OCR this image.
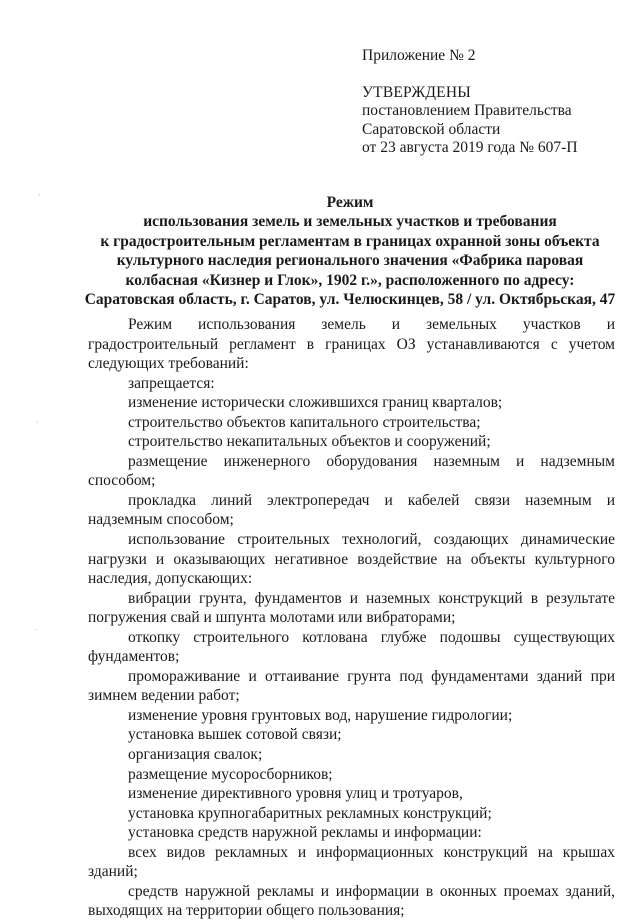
Приложение № 2
УТВЕРЖДЕНЫ
постановлением Правительства
Саратовской области
от 23 августа 2019 года № 607-П
Режим
использования земель и земельных участков и требования
к градостроительным регламентам в границах охранной зоны объекта
культурного наследия регионального значения «Фабрика паровая
колбасная «Кизнер и Глок», 1902 г.», расположенного по адресу:
Саратовская область, г. Саратов, ул. Челюскинцев, 58 / ул. Октябрьская, 47
Режим использования земель и земельных участков и градостроительный регламент в границах ОЗ устанавливаются с учетом следующих требований:
запрещается:
изменение исторически сложившихся границ кварталов;
строительство объектов капитального строительства;
строительство некапитальных объектов и сооружений;
размещение инженерного оборудования наземным и надземным способом;
прокладка линий электропередач и кабелей связи наземным и надземным способом;
использование строительных технологий, создающих динамические нагрузки и оказывающих негативное воздействие на объекты культурного наследия, допускающих:
вибрации грунта, фундаментов и наземных конструкций в результате погружения свай и шпунта молотами или вибраторами;
откопку строительного котлована глубже подошвы существующих фундаментов;
промораживание и оттаивание грунта под фундаментами зданий при зимнем ведении работ;
изменение уровня грунтовых вод, нарушение гидрологии;
установка вышек сотовой связи;
организация свалок;
размещение мусоросборников;
изменение директивного уровня улиц и тротуаров,
установка крупногабаритных рекламных конструкций;
установка средств наружной рекламы и информации:
всех видов рекламных и информационных конструкций на крышах зданий;
средств наружной рекламы и информации в оконных проемах зданий, выходящих на территории общего пользования;
·
·
·
